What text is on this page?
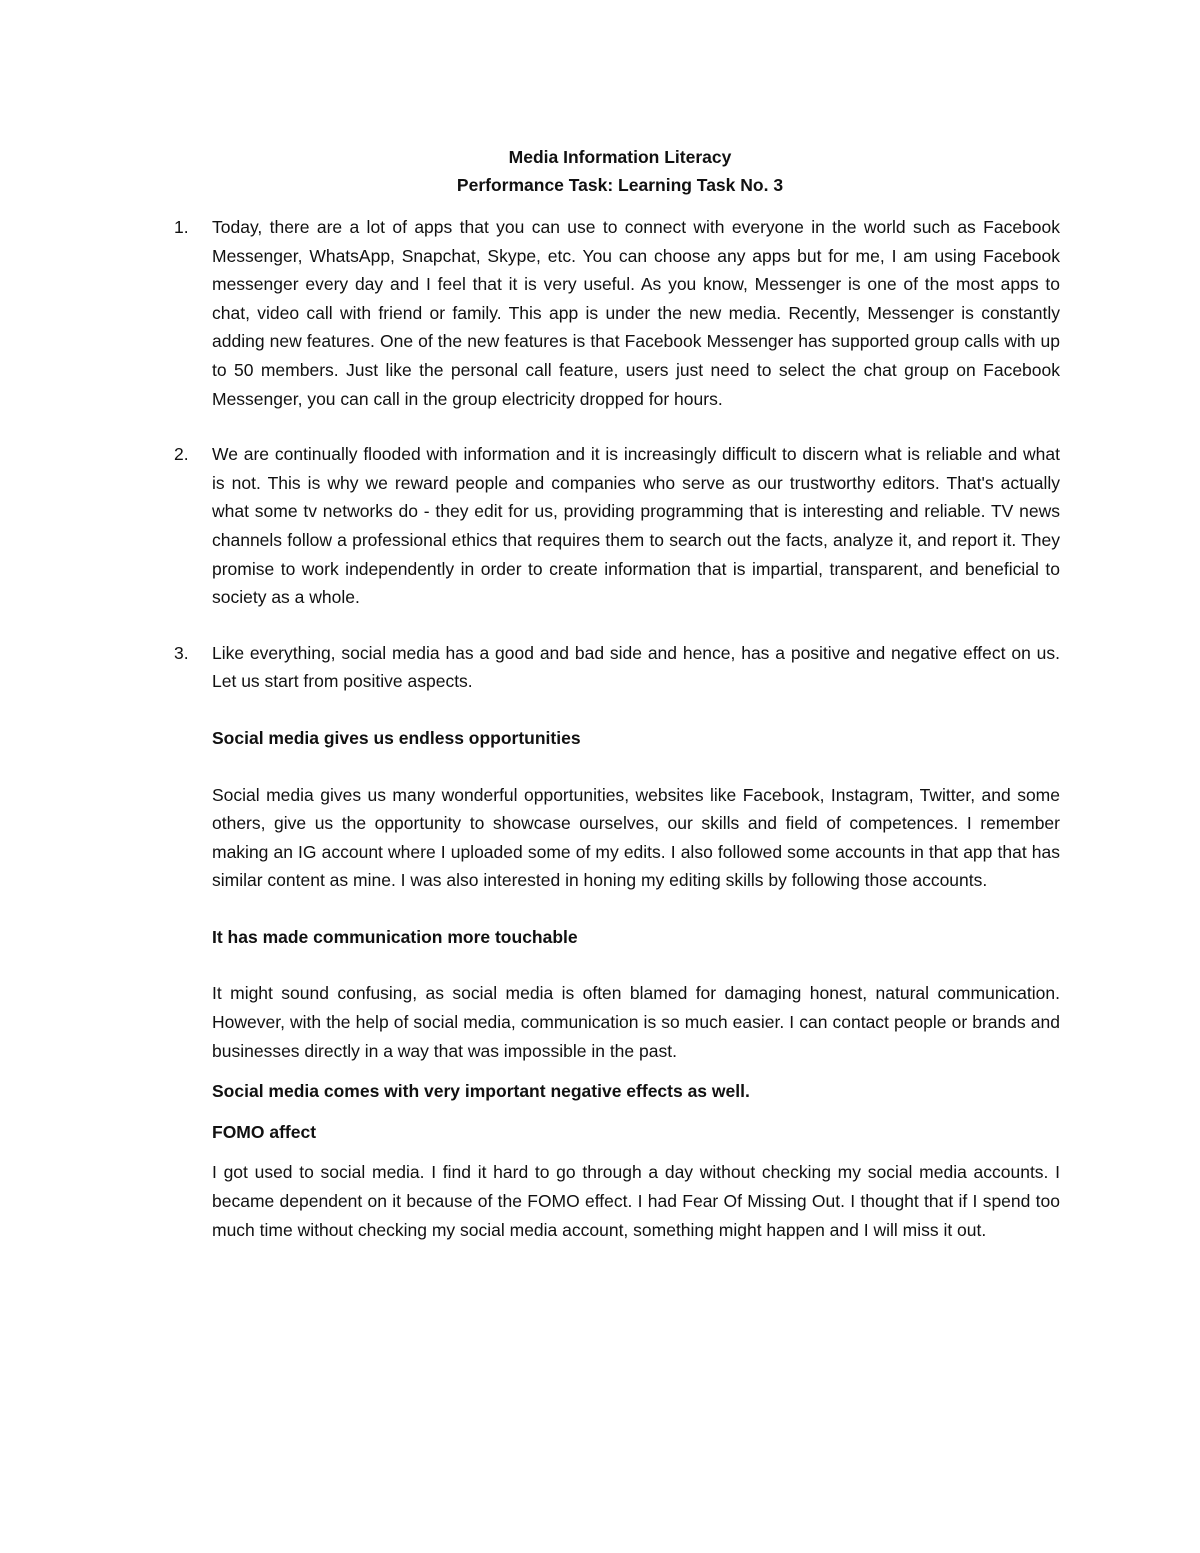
Media Information Literacy
Performance Task: Learning Task No. 3
1. Today, there are a lot of apps that you can use to connect with everyone in the world such as Facebook Messenger, WhatsApp, Snapchat, Skype, etc. You can choose any apps but for me, I am using Facebook messenger every day and I feel that it is very useful. As you know, Messenger is one of the most apps to chat, video call with friend or family. This app is under the new media. Recently, Messenger is constantly adding new features. One of the new features is that Facebook Messenger has supported group calls with up to 50 members. Just like the personal call feature, users just need to select the chat group on Facebook Messenger, you can call in the group electricity dropped for hours.

2. We are continually flooded with information and it is increasingly difficult to discern what is reliable and what is not. This is why we reward people and companies who serve as our trustworthy editors. That's actually what some tv networks do - they edit for us, providing programming that is interesting and reliable. TV news channels follow a professional ethics that requires them to search out the facts, analyze it, and report it. They promise to work independently in order to create information that is impartial, transparent, and beneficial to society as a whole.

3. Like everything, social media has a good and bad side and hence, has a positive and negative effect on us. Let us start from positive aspects.

Social media gives us endless opportunities

Social media gives us many wonderful opportunities, websites like Facebook, Instagram, Twitter, and some others, give us the opportunity to showcase ourselves, our skills and field of competences. I remember making an IG account where I uploaded some of my edits. I also followed some accounts in that app that has similar content as mine. I was also interested in honing my editing skills by following those accounts.

It has made communication more touchable

It might sound confusing, as social media is often blamed for damaging honest, natural communication. However, with the help of social media, communication is so much easier. I can contact people or brands and businesses directly in a way that was impossible in the past.

Social media comes with very important negative effects as well.

FOMO affect

I got used to social media. I find it hard to go through a day without checking my social media accounts. I became dependent on it because of the FOMO effect. I had Fear Of Missing Out. I thought that if I spend too much time without checking my social media account, something might happen and I will miss it out.
